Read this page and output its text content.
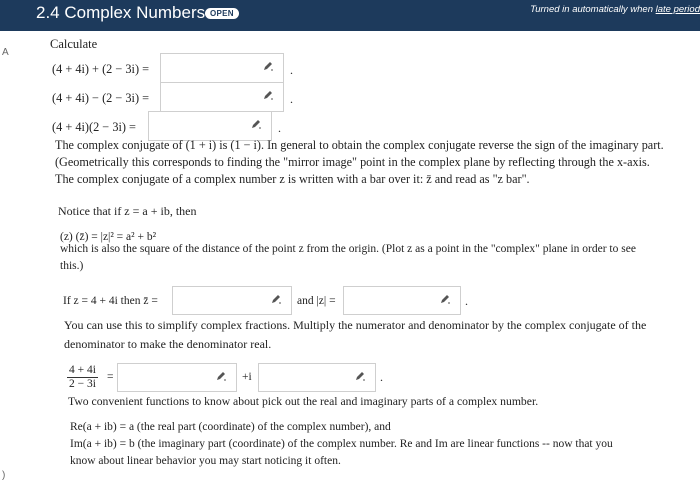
2.4 Complex Numbers OPEN	Turned in automatically when late period
A
)
Calculate
(4 + 4i) + (2 − 3i) =	.
(4 + 4i) − (2 − 3i) =	.
(4 + 4i)(2 − 3i) =	.
The complex conjugate of (1 + i) is (1 − i). In general to obtain the complex conjugate reverse the sign of the imaginary part.
(Geometrically this corresponds to finding the "mirror image" point in the complex plane by reflecting through the x-axis.
The complex conjugate of a complex number z is written with a bar over it: z̄ and read as "z bar".
Notice that if z = a + ib, then
(z) (z̄) = |z|² = a² + b²
which is also the square of the distance of the point z from the origin. (Plot z as a point in the "complex" plane in order to see
this.)
If z = 4 + 4i then z̄ =	and |z| =	.
You can use this to simplify complex fractions. Multiply the numerator and denominator by the complex conjugate of the
denominator to make the denominator real.
$\frac{4 + 4i}{2 - 3i}$ =	+i	.
Two convenient functions to know about pick out the real and imaginary parts of a complex number.
Re(a + ib) = a (the real part (coordinate) of the complex number), and
Im(a + ib) = b (the imaginary part (coordinate) of the complex number. Re and Im are linear functions -- now that you
know about linear behavior you may start noticing it often.
